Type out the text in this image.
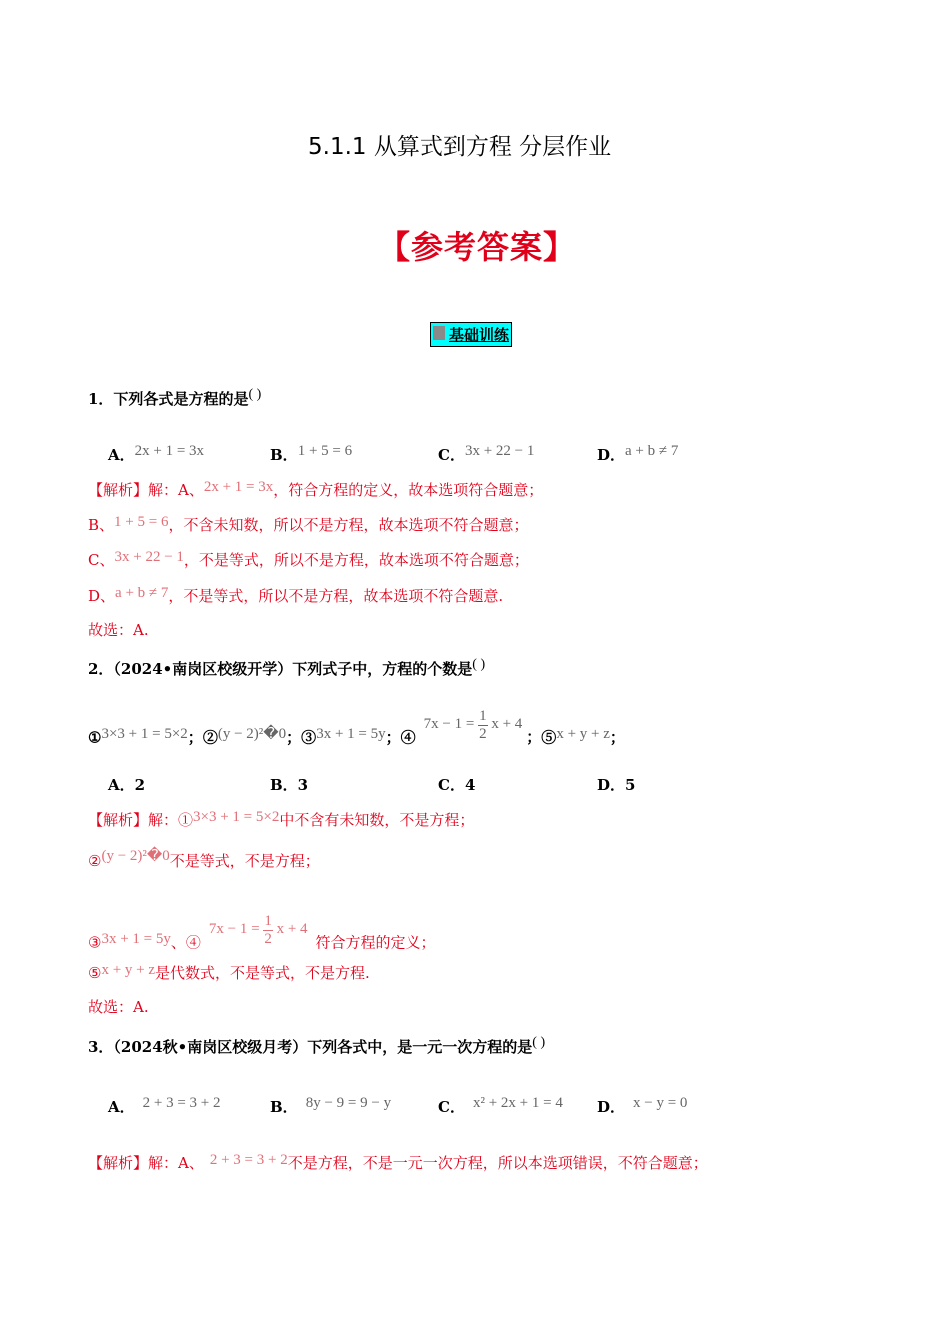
5.1.1 从算式到方程 分层作业
【参考答案】
基础训练
1．下列各式是方程的是( )
A．2x + 1 = 3x	B．1 + 5 = 6	C．3x + 22 − 1	D．a + b ≠ 7
【解析】解：A、2x + 1 = 3x，符合方程的定义，故本选项符合题意；
B、1 + 5 = 6，不含未知数，所以不是方程，故本选项不符合题意；
C、3x + 22 − 1，不是等式，所以不是方程，故本选项不符合题意；
D、a + b ≠ 7，不是等式，所以不是方程，故本选项不符合题意.
故选：A.
2．（2024•南岗区校级开学）下列式子中，方程的个数是( )
①3×3 + 1 = 5×2；②(y − 2)²�0；③3x + 1 = 5y；④7x − $1 = \frac{1}{2}$ x + 4；⑤x + y + z；
A．2	B．3	C．4	D．5
【解析】解：①3×3 + 1 = 5×2中不含有未知数，不是方程；
②(y − 2)²�0不是等式，不是方程；
③3x + 1 = 5y、④7x − $1 = \frac{1}{2}$ x + 4符合方程的定义；
⑤x + y + z是代数式，不是等式，不是方程.
故选：A.
3．（2024秋•南岗区校级月考）下列各式中，是一元一次方程的是( )
A． 2 + 3 = 3 + 2	B． 8y − 9 = 9 − y	C． x² + 2x + 1 = 4 D． x − y = 0
【解析】解：A、 2 + 3 = 3 + 2不是方程，不是一元一次方程，所以本选项错误，不符合题意；
